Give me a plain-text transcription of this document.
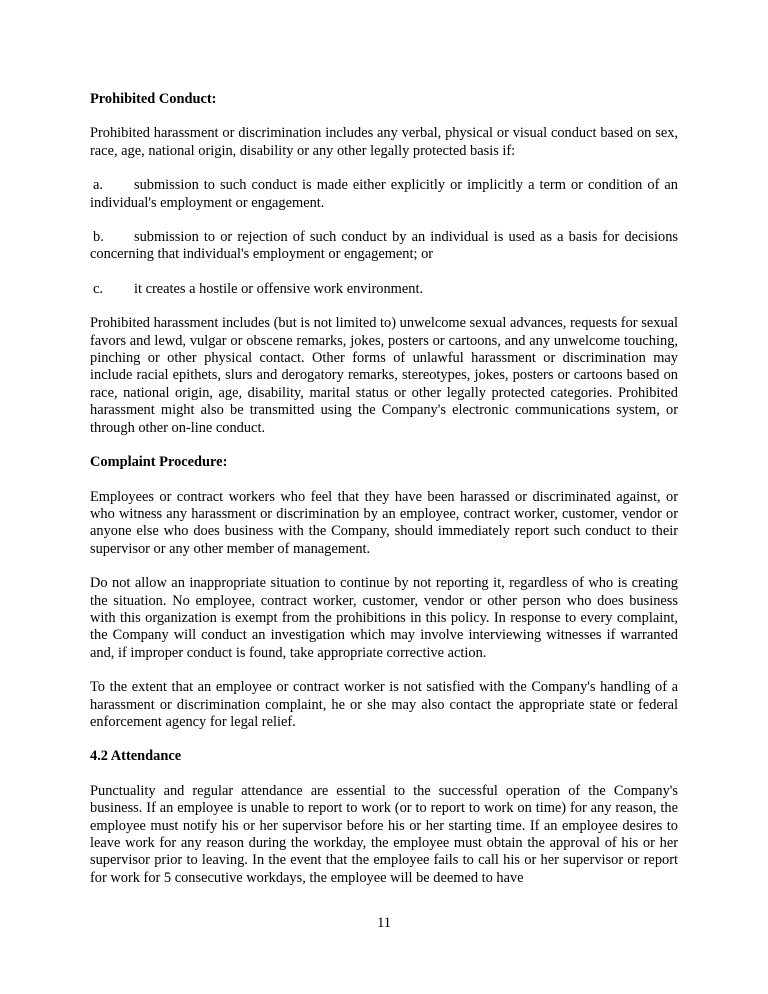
Prohibited Conduct:
Prohibited harassment or discrimination includes any verbal, physical or visual conduct based on sex, race, age, national origin, disability or any other legally protected basis if:
a. submission to such conduct is made either explicitly or implicitly a term or condition of an individual's employment or engagement.
b. submission to or rejection of such conduct by an individual is used as a basis for decisions concerning that individual's employment or engagement; or
c. it creates a hostile or offensive work environment.
Prohibited harassment includes (but is not limited to) unwelcome sexual advances, requests for sexual favors and lewd, vulgar or obscene remarks, jokes, posters or cartoons, and any unwelcome touching, pinching or other physical contact. Other forms of unlawful harassment or discrimination may include racial epithets, slurs and derogatory remarks, stereotypes, jokes, posters or cartoons based on race, national origin, age, disability, marital status or other legally protected categories. Prohibited harassment might also be transmitted using the Company's electronic communications system, or through other on-line conduct.
Complaint Procedure:
Employees or contract workers who feel that they have been harassed or discriminated against, or who witness any harassment or discrimination by an employee, contract worker, customer, vendor or anyone else who does business with the Company, should immediately report such conduct to their supervisor or any other member of management.
Do not allow an inappropriate situation to continue by not reporting it, regardless of who is creating the situation. No employee, contract worker, customer, vendor or other person who does business with this organization is exempt from the prohibitions in this policy. In response to every complaint, the Company will conduct an investigation which may involve interviewing witnesses if warranted and, if improper conduct is found, take appropriate corrective action.
To the extent that an employee or contract worker is not satisfied with the Company's handling of a harassment or discrimination complaint, he or she may also contact the appropriate state or federal enforcement agency for legal relief.
4.2 Attendance
Punctuality and regular attendance are essential to the successful operation of the Company's business. If an employee is unable to report to work (or to report to work on time) for any reason, the employee must notify his or her supervisor before his or her starting time. If an employee desires to leave work for any reason during the workday, the employee must obtain the approval of his or her supervisor prior to leaving. In the event that the employee fails to call his or her supervisor or report for work for 5 consecutive workdays, the employee will be deemed to have
11
